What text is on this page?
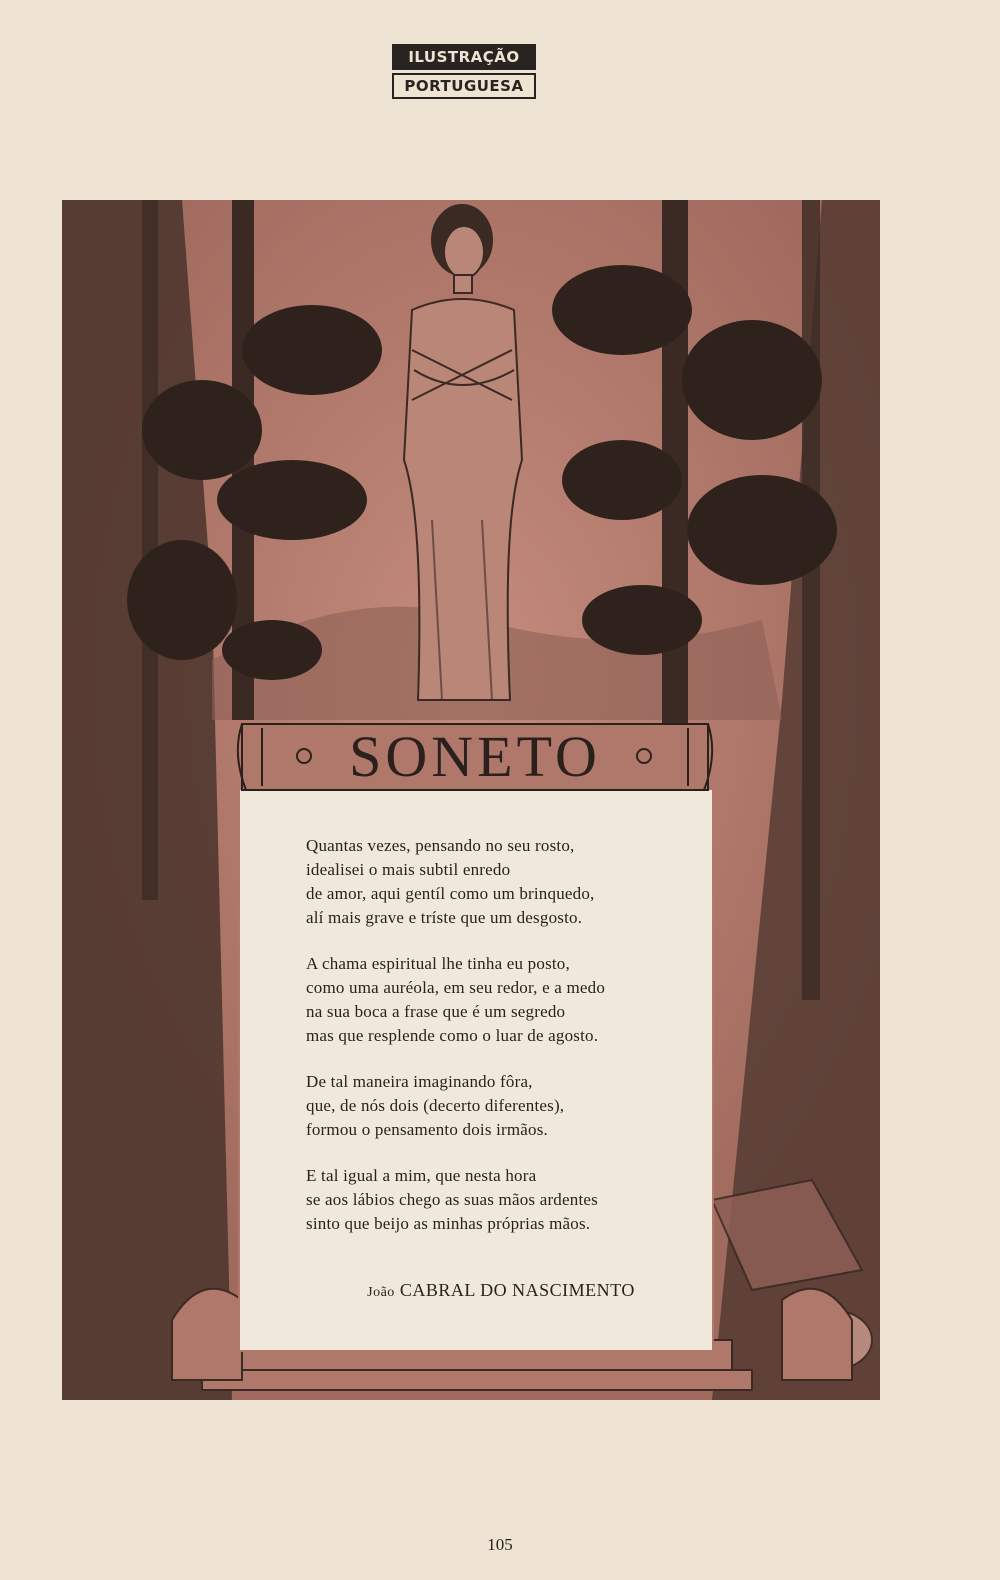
ILUSTRAÇÃO
PORTUGUESA
Quantas vezes, pensando no seu rosto,
idealisei o mais subtil enredo
de amor, aqui gentíl como um brinquedo,
alí mais grave e tríste que um desgosto.
A chama espiritual lhe tinha eu posto,
como uma auréola, em seu redor, e a medo
na sua boca a frase que é um segredo
mas que resplende como o luar de agosto.
De tal maneira imaginando fôra,
que, de nós dois (decerto diferentes),
formou o pensamento dois irmãos.
E tal igual a mim, que nesta hora
se aos lábios chego as suas mãos ardentes
sinto que beijo as minhas próprias mãos.
João CABRAL DO NASCIMENTO
SONETO
105
